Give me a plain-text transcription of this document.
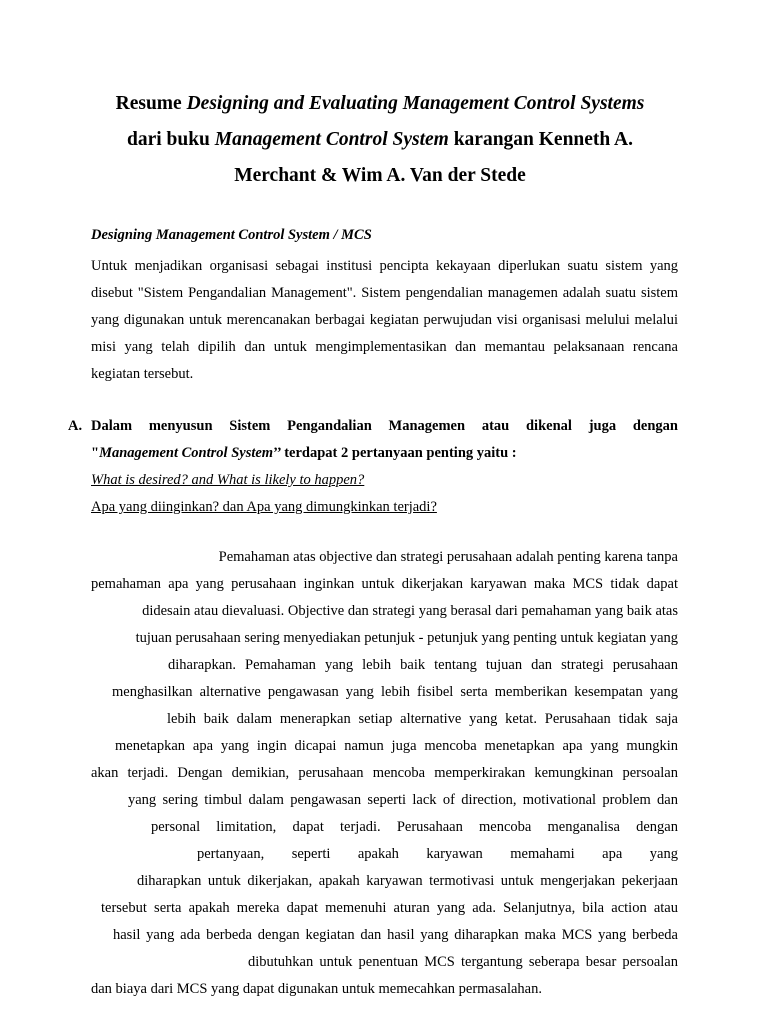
Resume Designing and Evaluating Management Control Systems
dari buku Management Control System karangan Kenneth A.
Merchant & Wim A. Van der Stede
Designing Management Control System / MCS
Untuk menjadikan organisasi sebagai institusi pencipta kekayaan diperlukan suatu sistem yang disebut "Sistem Pengandalian Management". Sistem pengendalian managemen adalah suatu sistem yang digunakan untuk merencanakan berbagai kegiatan perwujudan visi organisasi melului melalui misi yang telah dipilih dan untuk mengimplementasikan dan memantau pelaksanaan rencana kegiatan tersebut.
A. Dalam menyusun Sistem Pengandalian Managemen atau dikenal juga dengan
"Management Control System’’ terdapat 2 pertanyaan penting yaitu :
What is desired? and What is likely to happen?
Apa yang diinginkan? dan Apa yang dimungkinkan terjadi?
Pemahaman atas objective dan strategi perusahaan adalah penting karena tanpa
pemahaman apa yang perusahaan inginkan untuk dikerjakan karyawan maka MCS tidak dapat
didesain atau dievaluasi. Objective dan strategi yang berasal dari pemahaman yang baik atas
tujuan perusahaan sering menyediakan petunjuk - petunjuk yang penting untuk kegiatan yang
diharapkan. Pemahaman yang lebih baik tentang tujuan dan strategi perusahaan
menghasilkan alternative pengawasan yang lebih fisibel serta memberikan kesempatan yang
lebih baik dalam menerapkan setiap alternative yang ketat. Perusahaan tidak saja
menetapkan apa yang ingin dicapai namun juga mencoba menetapkan apa yang mungkin
akan terjadi. Dengan demikian, perusahaan mencoba memperkirakan kemungkinan persoalan
yang sering timbul dalam pengawasan seperti lack of direction, motivational problem dan
personal limitation, dapat terjadi. Perusahaan mencoba menganalisa dengan
pertanyaan, seperti apakah karyawan memahami apa yang
diharapkan untuk dikerjakan, apakah karyawan termotivasi untuk mengerjakan pekerjaan
tersebut serta apakah mereka dapat memenuhi aturan yang ada. Selanjutnya, bila action atau
hasil yang ada berbeda dengan kegiatan dan hasil yang diharapkan maka MCS yang berbeda
dibutuhkan untuk penentuan MCS tergantung seberapa besar persoalan
dan biaya dari MCS yang dapat digunakan untuk memecahkan permasalahan.
